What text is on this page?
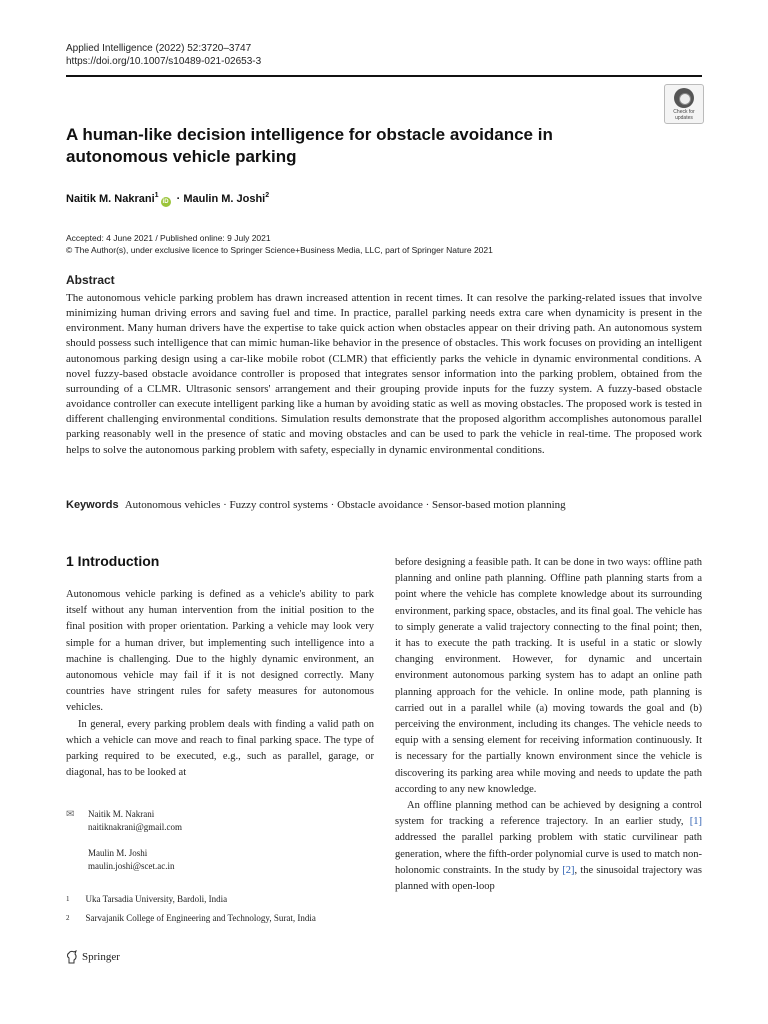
Applied Intelligence (2022) 52:3720–3747
https://doi.org/10.1007/s10489-021-02653-3
Check for updates
A human-like decision intelligence for obstacle avoidance in autonomous vehicle parking
Naitik M. Nakrani$^1$iD · Maulin M. Joshi$^2$
Accepted: 4 June 2021 / Published online: 9 July 2021
© The Author(s), under exclusive licence to Springer Science+Business Media, LLC, part of Springer Nature 2021
Abstract
The autonomous vehicle parking problem has drawn increased attention in recent times. It can resolve the parking-related issues that involve minimizing human driving errors and saving fuel and time. In practice, parallel parking needs extra care when dynamicity is present in the environment. Many human drivers have the expertise to take quick action when obstacles appear on their driving path. An autonomous system should possess such intelligence that can mimic human-like behavior in the presence of obstacles. This work focuses on providing an intelligent autonomous parking design using a car-like mobile robot (CLMR) that efficiently parks the vehicle in dynamic environmental conditions. A novel fuzzy-based obstacle avoidance controller is proposed that integrates sensor information into the parking problem, obtained from the surrounding of a CLMR. Ultrasonic sensors' arrangement and their grouping provide inputs for the fuzzy system. A fuzzy-based obstacle avoidance controller can execute intelligent parking like a human by avoiding static as well as moving obstacles. The proposed work is tested in different challenging environmental conditions. Simulation results demonstrate that the proposed algorithm accomplishes autonomous parallel parking reasonably well in the presence of static and moving obstacles and can be used to park the vehicle in real-time. The proposed work helps to solve the autonomous parking problem with safety, especially in dynamic environmental conditions.
Keywords Autonomous vehicles · Fuzzy control systems · Obstacle avoidance · Sensor-based motion planning
1 Introduction

Autonomous vehicle parking is defined as a vehicle's ability to park itself without any human intervention from the initial position to the final position with proper orientation. Parking a vehicle may look very simple for a human driver, but implementing such intelligence into a machine is challenging. Due to the highly dynamic environment, an autonomous vehicle may fail if it is not designed correctly. Many countries have stringent rules for safety measures for autonomous vehicles.

In general, every parking problem deals with finding a valid path on which a vehicle can move and reach to final parking space. The type of parking required to be executed, e.g., such as parallel, garage, or diagonal, has to be looked at

before designing a feasible path. It can be done in two ways: offline path planning and online path planning. Offline path planning starts from a point where the vehicle has complete knowledge about its surrounding environment, parking space, obstacles, and its final goal. The vehicle has to simply generate a valid trajectory connecting to the final point; then, it has to execute the path tracking. It is useful in a static or slowly changing environment. However, for dynamic and uncertain environment autonomous parking system has to adapt an online path planning approach for the vehicle. In online mode, path planning is carried out in a parallel while (a) moving towards the goal and (b) perceiving the environment, including its changes. The vehicle needs to equip with a sensing element for receiving information continuously. It is necessary for the partially known environment since the vehicle is discovering its parking area while moving and needs to update the path according to any new knowledge.

An offline planning method can be achieved by designing a control system for tracking a reference trajectory. In an earlier study, [1] addressed the parallel parking problem with static curvilinear path generation, where the fifth-order polynomial curve is used to match non-holonomic constraints. In the study by [2], the sinusoidal trajectory was planned with open-loop

✉	Naitik M. Nakrani
naitiknakrani@gmail.com
Maulin M. Joshi
maulin.joshi@scet.ac.in
1 Uka Tarsadia University, Bardoli, India
2 Sarvajanik College of Engineering and Technology, Surat, India
Springer
